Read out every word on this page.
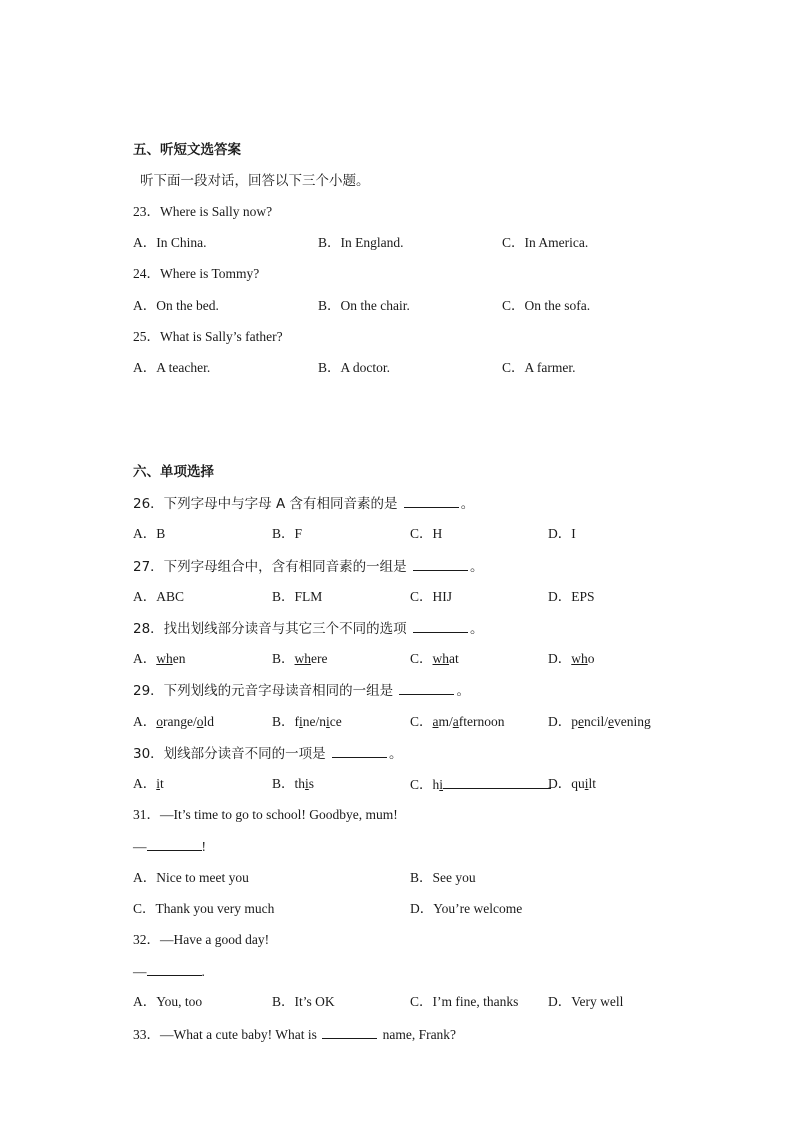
五、听短文选答案
听下面一段对话，回答以下三个小题。
23．Where is Sally now?
A．In China.	B．In England.	C．In America.
24．Where is Tommy?
A．On the bed.	B．On the chair.	C．On the sofa.
25．What is Sally’s father?
A．A teacher.	B．A doctor.	C．A farmer.
六、单项选择
26．下列字母中与字母 A 含有相同音素的是	。
A．B	B．F	C．H	D．I
27．下列字母组合中，含有相同音素的一组是	。
A．ABC	B．FLM	C．HIJ	D．EPS
28．找出划线部分读音与其它三个不同的选项	。
A．when	B．where	C．what	D．who
29．下列划线的元音字母读音相同的一组是	。
A．orange/old	B．fine/nice	C．am/afternoon	D．pencil/evening
30．划线部分读音不同的一项是	。
A．it	B．this	C．hi	D．quilt
31．—It’s time to go to school! Goodbye, mum!
—	!
A．Nice to meet you	B．See you
C．Thank you very much	D．You’re welcome
32．—Have a good day!
—	.
A．You, too	B．It’s OK	C．I’m fine, thanks D．Very well
33．—What a cute baby! What is	name, Frank?
